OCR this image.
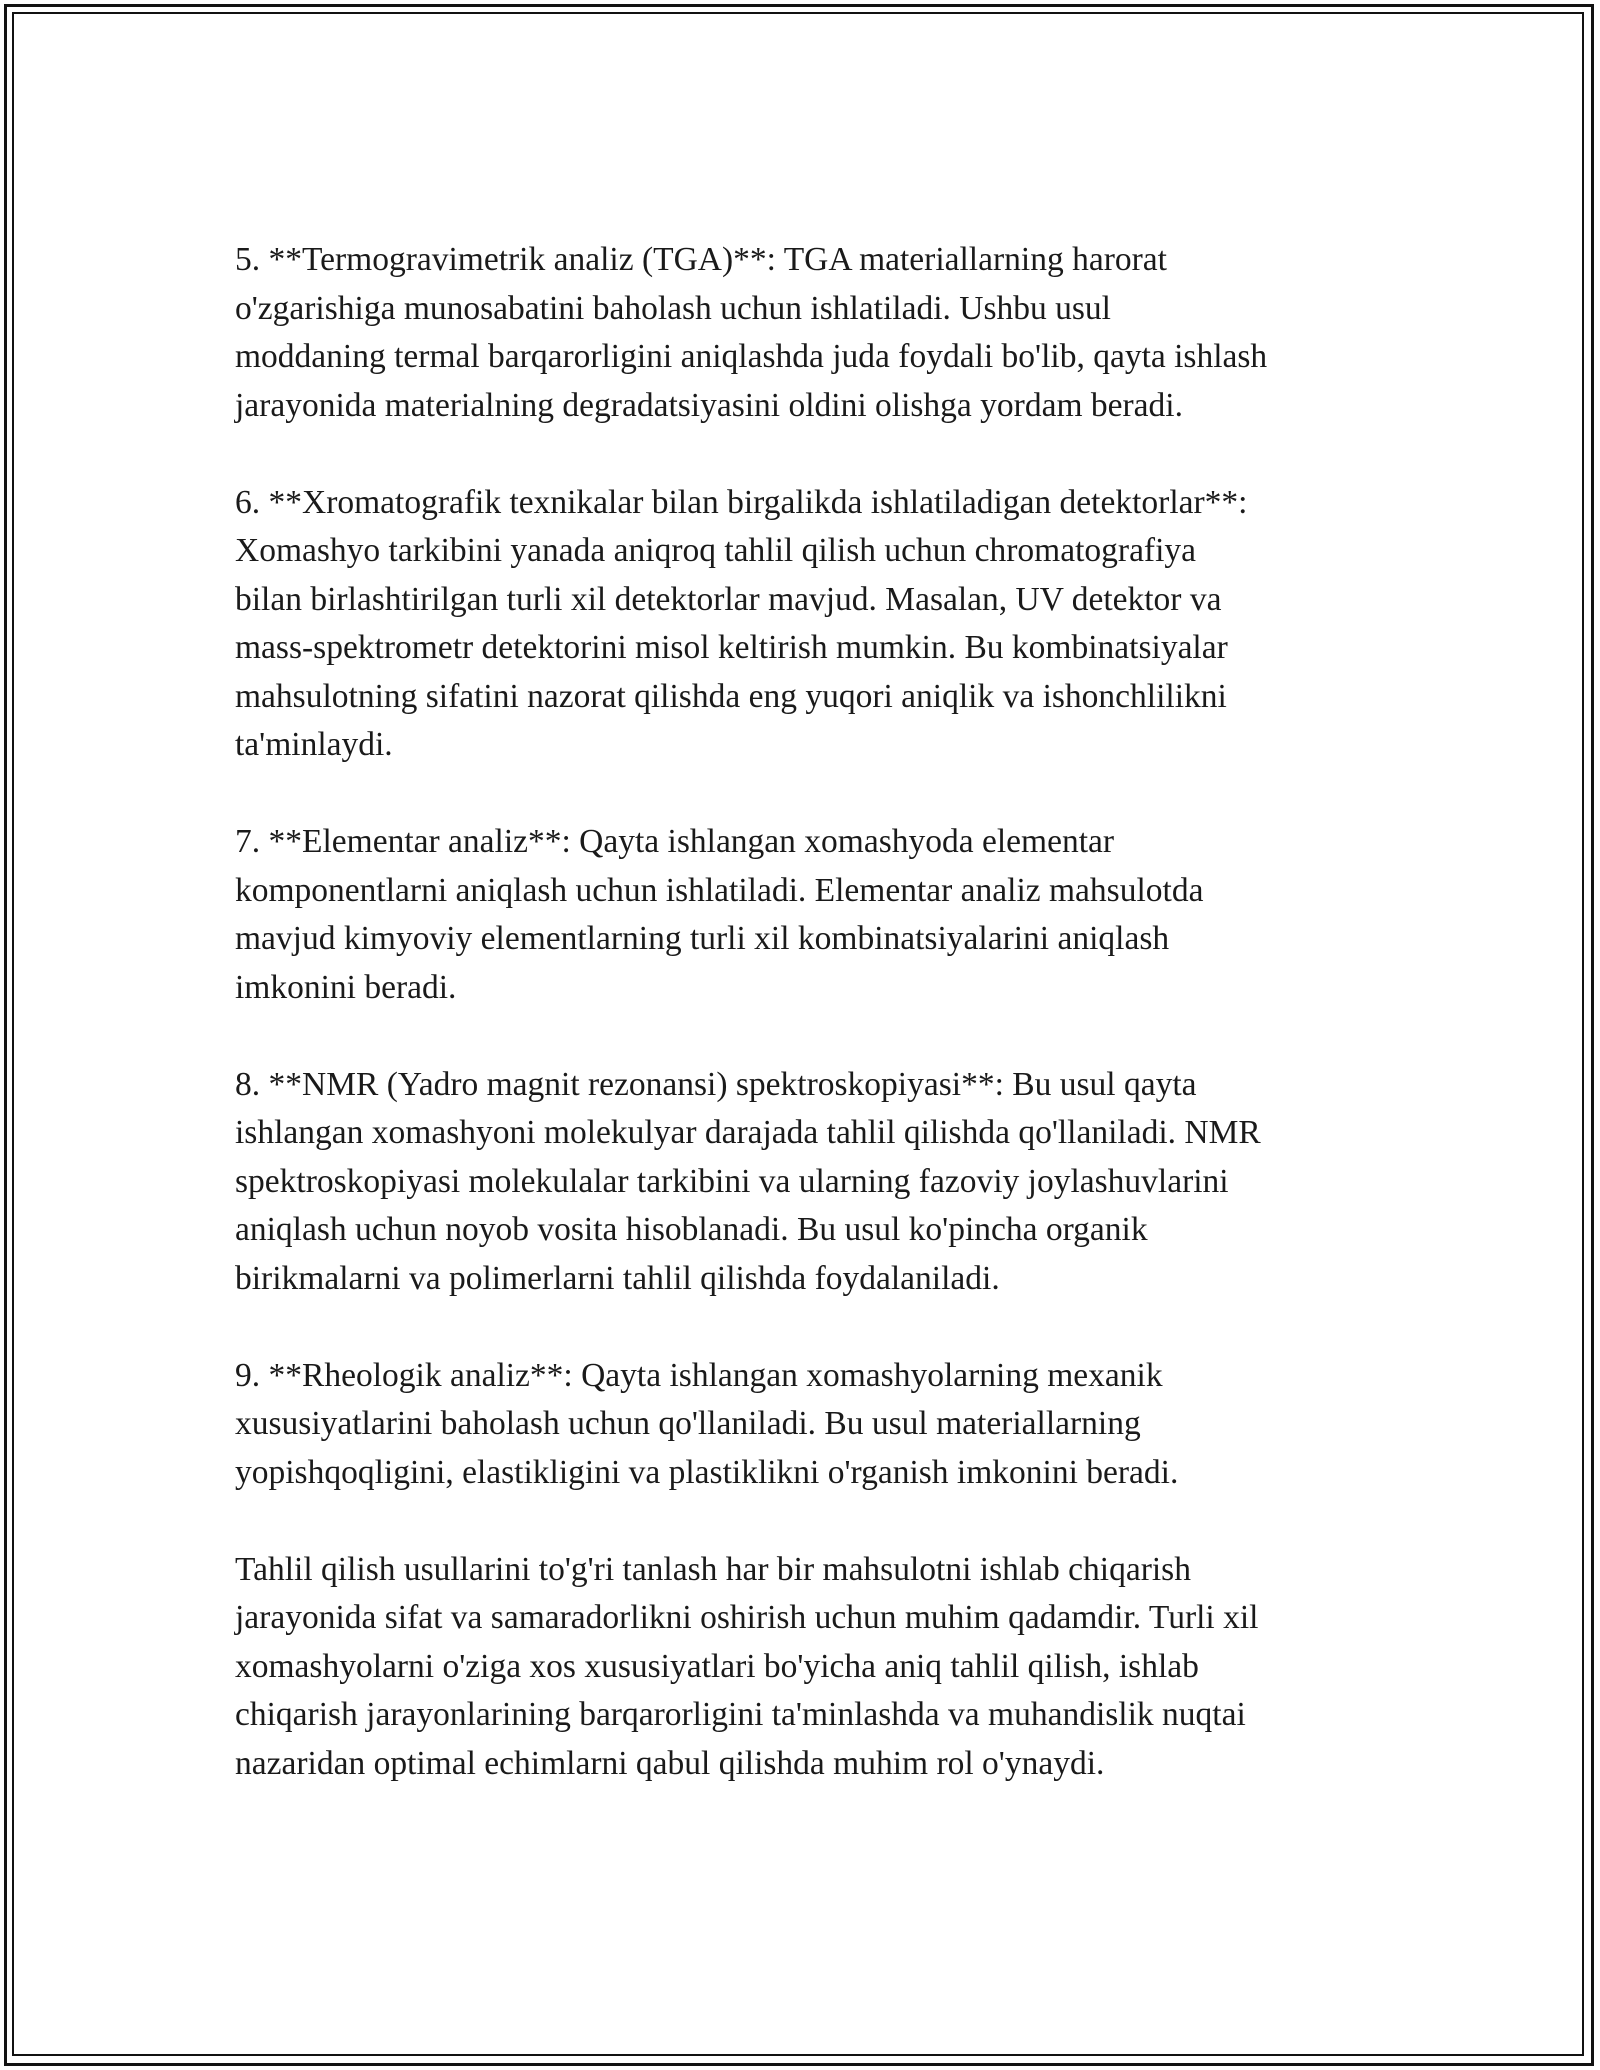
5. **Termogravimetrik analiz (TGA)**: TGA materiallarning harorat
o'zgarishiga munosabatini baholash uchun ishlatiladi. Ushbu usul
moddaning termal barqarorligini aniqlashda juda foydali bo'lib, qayta ishlash
jarayonida materialning degradatsiyasini oldini olishga yordam beradi.

6. **Xromatografik texnikalar bilan birgalikda ishlatiladigan detektorlar**:
Xomashyo tarkibini yanada aniqroq tahlil qilish uchun chromatografiya
bilan birlashtirilgan turli xil detektorlar mavjud. Masalan, UV detektor va
mass-spektrometr detektorini misol keltirish mumkin. Bu kombinatsiyalar
mahsulotning sifatini nazorat qilishda eng yuqori aniqlik va ishonchlilikni
ta'minlaydi.

7. **Elementar analiz**: Qayta ishlangan xomashyoda elementar
komponentlarni aniqlash uchun ishlatiladi. Elementar analiz mahsulotda
mavjud kimyoviy elementlarning turli xil kombinatsiyalarini aniqlash
imkonini beradi.

8. **NMR (Yadro magnit rezonansi) spektroskopiyasi**: Bu usul qayta
ishlangan xomashyoni molekulyar darajada tahlil qilishda qo'llaniladi. NMR
spektroskopiyasi molekulalar tarkibini va ularning fazoviy joylashuvlarini
aniqlash uchun noyob vosita hisoblanadi. Bu usul ko'pincha organik
birikmalarni va polimerlarni tahlil qilishda foydalaniladi.

9. **Rheologik analiz**: Qayta ishlangan xomashyolarning mexanik
xususiyatlarini baholash uchun qo'llaniladi. Bu usul materiallarning
yopishqoqligini, elastikligini va plastiklikni o'rganish imkonini beradi.

Tahlil qilish usullarini to'g'ri tanlash har bir mahsulotni ishlab chiqarish
jarayonida sifat va samaradorlikni oshirish uchun muhim qadamdir. Turli xil
xomashyolarni o'ziga xos xususiyatlari bo'yicha aniq tahlil qilish, ishlab
chiqarish jarayonlarining barqarorligini ta'minlashda va muhandislik nuqtai
nazaridan optimal echimlarni qabul qilishda muhim rol o'ynaydi.
